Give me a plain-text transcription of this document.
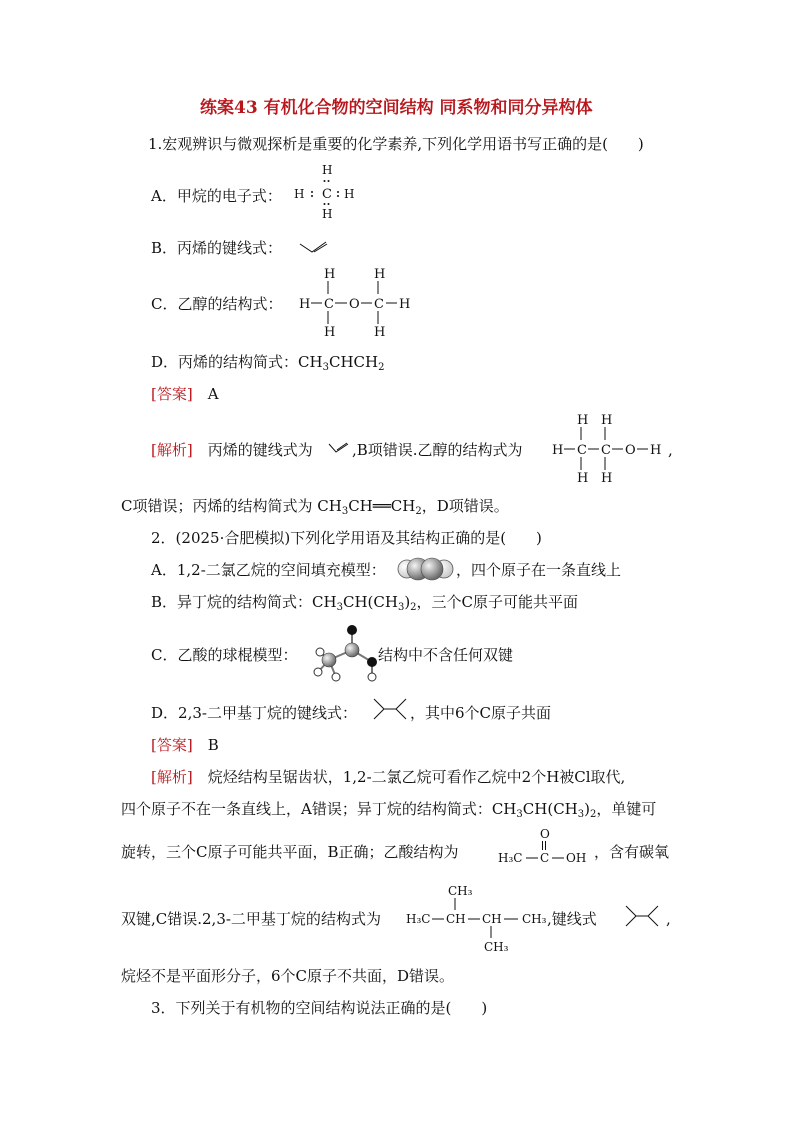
练案43 有机化合物的空间结构 同系物和同分异构体
1.宏观辨识与微观探析是重要的化学素养,下列化学用语书写正确的是(　　)
A．甲烷的电子式：
H
H
H	H
C
B．丙烯的键线式：
C．乙醇的结构式：
H	H
H C O C H
H	H
D．丙烯的结构简式：$CH_3CHCH_2$
[答案]　 A
[解析]　 丙烯的键线式为	,B项错误.乙醇的结构式为
H H
H C C O H
H H
,
C项错误；丙烯的结构简式为 $CH_3CH══CH_2$，D项错误。
2．(2025·合肥模拟)下列化学用语及其结构正确的是(　　)
A．1,2-二氯乙烷的空间填充模型：	，四个原子在一条直线上
B．异丁烷的结构简式：$CH_3CH(CH_3)_2$，三个C原子可能共平面
C．乙酸的球棍模型：	结构中不含任何双键
D．2,3-二甲基丁烷的键线式：	，其中6个C原子共面
[答案]　 B
[解析]　 烷烃结构呈锯齿状，1,2-二氯乙烷可看作乙烷中2个H被Cl取代,
四个原子不在一条直线上，A错误；异丁烷的结构简式：$CH_3CH(CH_3)_2$，单键可
旋转，三个C原子可能共平面，B正确；乙酸结构为
O
H₃C C OH ，含有碳氧
双键,C错误.2,3-二甲基丁烷的结构式为
CH₃
H₃C CH CH CH₃
CH₃
,键线式	,
烷烃不是平面形分子，6个C原子不共面，D错误。
3．下列关于有机物的空间结构说法正确的是(　　)
